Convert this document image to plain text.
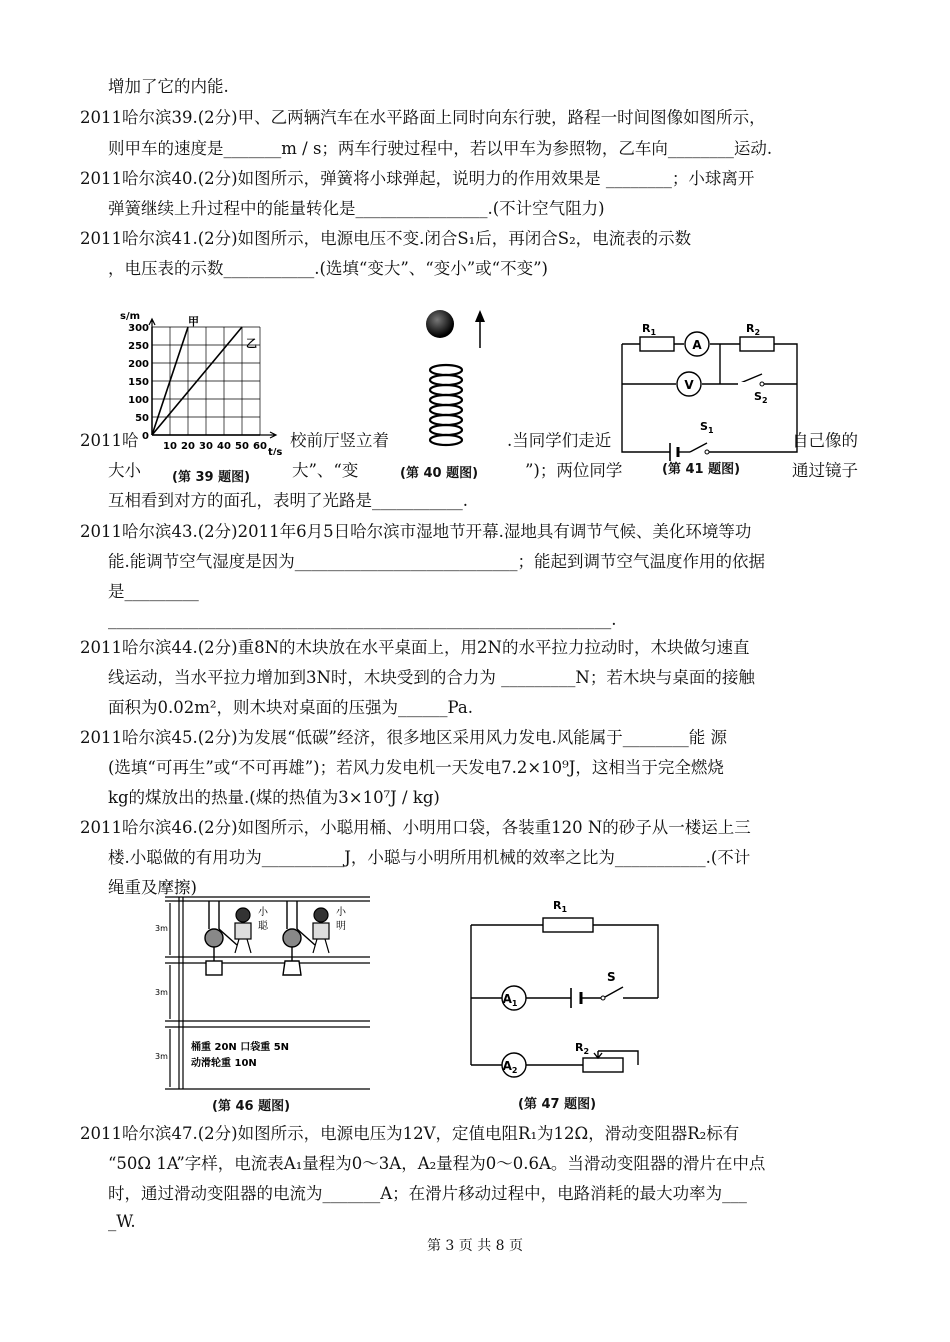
增加了它的内能.
2011哈尔滨39.(2分)甲、乙两辆汽车在水平路面上同时向东行驶，路程一时间图像如图所示，
则甲车的速度是_______m / s；两车行驶过程中，若以甲车为参照物，乙车向________运动.
2011哈尔滨40.(2分)如图所示，弹簧将小球弹起，说明力的作用效果是 ________；小球离开
弹簧继续上升过程中的能量转化是________________.(不计空气阻力)
2011哈尔滨41.(2分)如图所示，电源电压不变.闭合S₁后，再闭合S₂，电流表的示数
，电压表的示数___________.(选填“变大”、“变小”或“不变”)
2011哈	校前厅竖立着	.当同学们走近	自己像的
大小	大”、“变	”)；两位同学	通过镜子
互相看到对方的面孔，表明了光路是___________.
2011哈尔滨43.(2分)2011年6月5日哈尔滨市湿地节开幕.湿地具有调节气候、美化环境等功
能.能调节空气湿度是因为___________________________；能起到调节空气温度作用的依据
是_________
_____________________________________________________________.
2011哈尔滨44.(2分)重8N的木块放在水平桌面上，用2N的水平拉力拉动时，木块做匀速直
线运动，当水平拉力增加到3N时，木块受到的合力为 _________N；若木块与桌面的接触
面积为0.02m²，则木块对桌面的压强为______Pa.
2011哈尔滨45.(2分)为发展“低碳”经济，很多地区采用风力发电.风能属于________能 源
(选填“可再生”或“不可再雄”)；若风力发电机一天发电7.2×10⁹J，这相当于完全燃烧
kg的煤放出的热量.(煤的热值为3×10⁷J / kg)
2011哈尔滨46.(2分)如图所示，小聪用桶、小明用口袋，各装重120 N的砂子从一楼运上三
楼.小聪做的有用功为__________J，小聪与小明所用机械的效率之比为___________.(不计
绳重及摩擦)
2011哈尔滨47.(2分)如图所示，电源电压为12V，定值电阻R₁为12Ω，滑动变阻器R₂标有
“50Ω 1A”字样，电流表A₁量程为0～3A，A₂量程为0～0.6A。当滑动变阻器的滑片在中点
时，通过滑动变阻器的电流为_______A；在滑片移动过程中，电路消耗的最大功率为___
_W.
s/m
t/s
甲
乙
300
250
200
150
100
50
0
10 20 30 40 50 60
(第 39 题图)	(第 40 题图)
A
V
$R_1$	$R_2$
$S_2$
$S_1$
(第 41 题图)
3m
3m
3m
小
聪
小
明
桶重 20N 口袋重 5N
动滑轮重 10N
(第 46 题图)
$A_1$
S
$A_2$
$R_1$
$R_2$
(第 47 题图)
第 3 页 共 8 页
